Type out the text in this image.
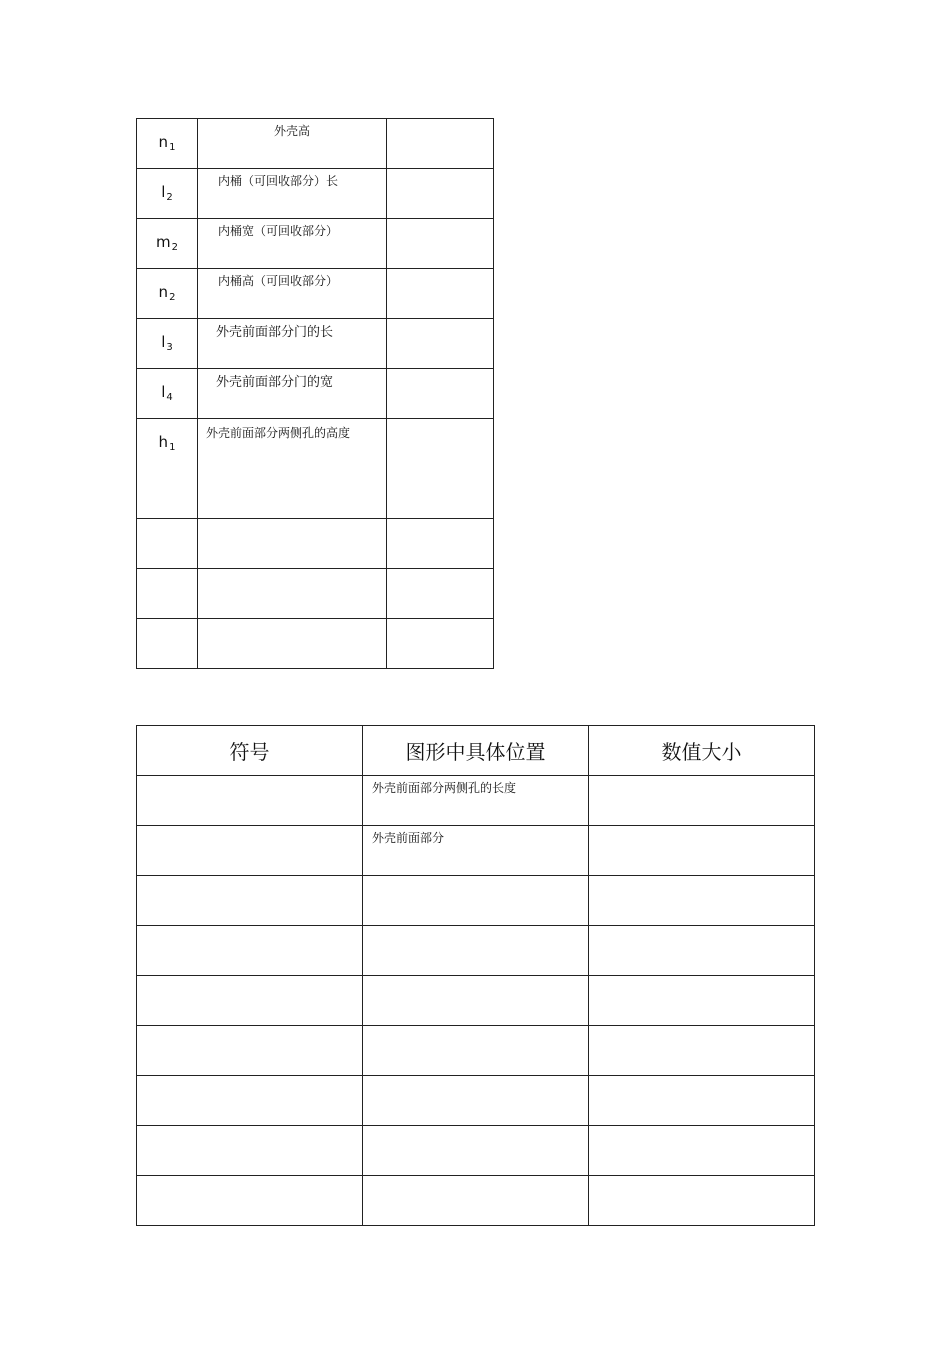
$n_1$	外壳高	
$l_2$	内桶（可回收部分）长	
$m_2$	内桶宽（可回收部分）	
$n_2$	内桶高（可回收部分）	
$l_3$	外壳前面部分门的长	
$l_4$	外壳前面部分门的宽	
$h_1$	外壳前面部分两侧孔的高度	

符号	图形中具体位置	数值大小
	外壳前面部分两侧孔的长度	
	外壳前面部分	
